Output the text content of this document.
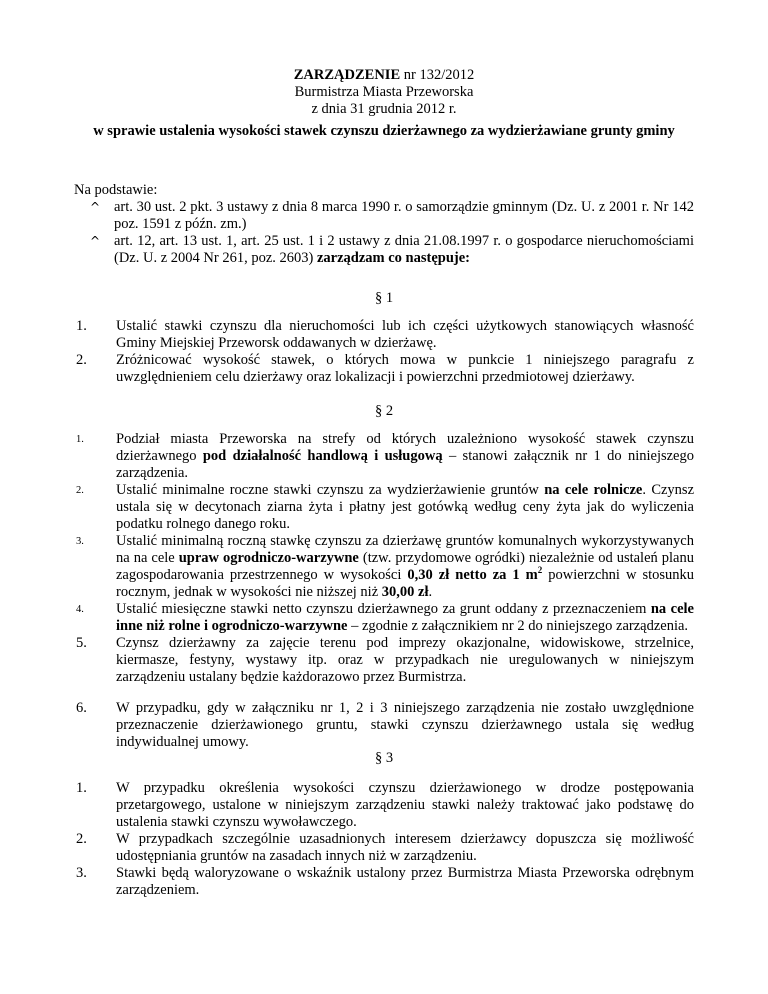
ZARZĄDZENIE nr 132/2012
Burmistrza Miasta Przeworska
z dnia 31 grudnia 2012 r.
w sprawie ustalenia wysokości stawek czynszu dzierżawnego za wydzierżawiane grunty gminy
Na podstawie:
^ art. 30 ust. 2 pkt. 3 ustawy z dnia 8 marca 1990 r. o samorządzie gminnym (Dz. U. z 2001 r. Nr 142 poz. 1591 z późn. zm.)
^ art. 12, art. 13 ust. 1, art. 25 ust. 1 i 2 ustawy z dnia 21.08.1997 r. o gospodarce nieruchomościami (Dz. U. z 2004 Nr 261, poz. 2603) zarządzam co następuje:
§ 1
1.	Ustalić stawki czynszu dla nieruchomości lub ich części użytkowych stanowiących własność Gminy Miejskiej Przeworsk oddawanych w dzierżawę.
2.	Zróżnicować wysokość stawek, o których mowa w punkcie 1 niniejszego paragrafu z uwzględnieniem celu dzierżawy oraz lokalizacji i powierzchni przedmiotowej dzierżawy.
§ 2
1.	Podział miasta Przeworska na strefy od których uzależniono wysokość stawek czynszu dzierżawnego pod działalność handlową i usługową – stanowi załącznik nr 1 do niniejszego zarządzenia.
2.	Ustalić minimalne roczne stawki czynszu za wydzierżawienie gruntów na cele rolnicze. Czynsz ustala się w decytonach ziarna żyta i płatny jest gotówką według ceny żyta jak do wyliczenia podatku rolnego danego roku.
3.	Ustalić minimalną roczną stawkę czynszu za dzierżawę gruntów komunalnych wykorzystywanych na na cele upraw ogrodniczo-warzywne (tzw. przydomowe ogródki) niezależnie od ustaleń planu zagospodarowania przestrzennego w wysokości 0,30 zł netto za 1 $m^2$ powierzchni w stosunku rocznym, jednak w wysokości nie niższej niż 30,00 zł.
4.	Ustalić miesięczne stawki netto czynszu dzierżawnego za grunt oddany z przeznaczeniem na cele inne niż rolne i ogrodniczo-warzywne – zgodnie z załącznikiem nr 2 do niniejszego zarządzenia.
5.	Czynsz dzierżawny za zajęcie terenu pod imprezy okazjonalne, widowiskowe, strzelnice, kiermasze, festyny, wystawy itp. oraz w przypadkach nie uregulowanych w niniejszym zarządzeniu ustalany będzie każdorazowo przez Burmistrza.
6.	W przypadku, gdy w załączniku nr 1, 2 i 3 niniejszego zarządzenia nie zostało uwzględnione przeznaczenie dzierżawionego gruntu, stawki czynszu dzierżawnego ustala się według indywidualnej umowy.
§ 3
1.	W przypadku określenia wysokości czynszu dzierżawionego w drodze postępowania przetargowego, ustalone w niniejszym zarządzeniu stawki należy traktować jako podstawę do ustalenia stawki czynszu wywoławczego.
2.	W przypadkach szczególnie uzasadnionych interesem dzierżawcy dopuszcza się możliwość udostępniania gruntów na zasadach innych niż w zarządzeniu.
3.	Stawki będą waloryzowane o wskaźnik ustalony przez Burmistrza Miasta Przeworska odrębnym zarządzeniem.
